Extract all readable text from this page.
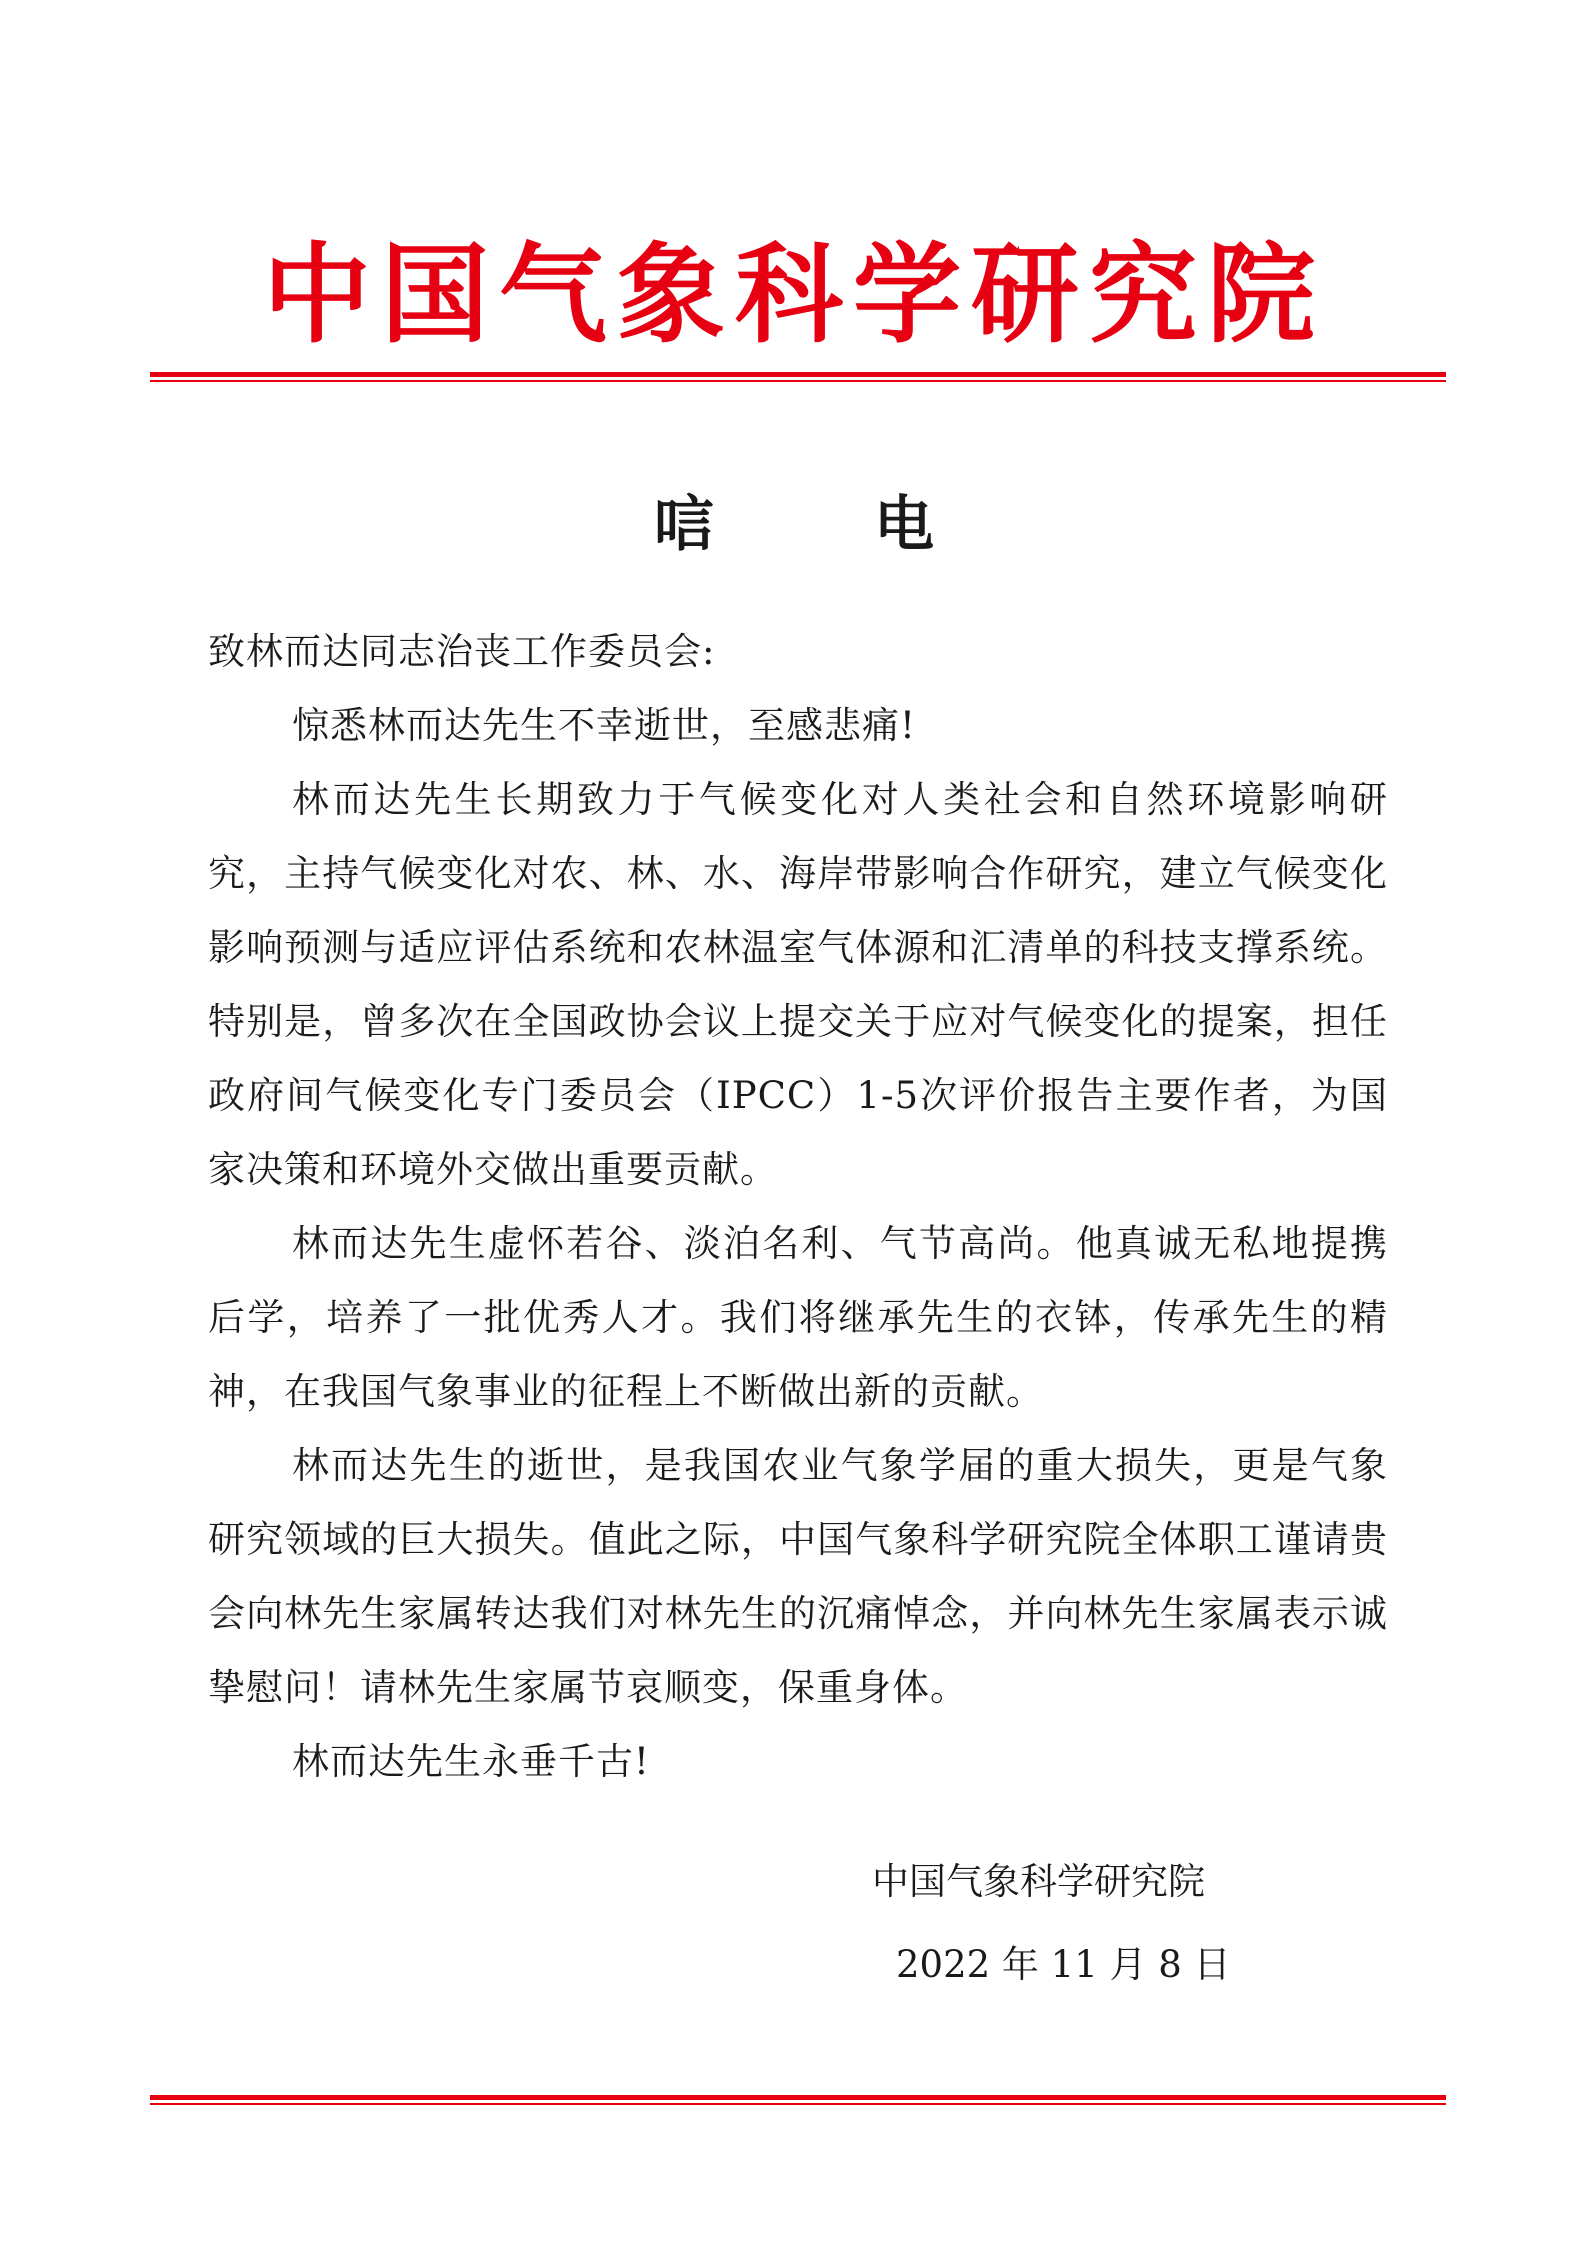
中国气象科学研究院
唁　电

致林而达同志治丧工作委员会:

惊悉林而达先生不幸逝世，至感悲痛!

林而达先生长期致力于气候变化对人类社会和自然环境影响研究，主持气候变化对农、林、水、海岸带影响合作研究，建立气候变化影响预测与适应评估系统和农林温室气体源和汇清单的科技支撑系统。特别是，曾多次在全国政协会议上提交关于应对气候变化的提案，担任政府间气候变化专门委员会（IPCC）1-5次评价报告主要作者，为国家决策和环境外交做出重要贡献。

林而达先生虚怀若谷、淡泊名利、气节高尚。他真诚无私地提携后学，培养了一批优秀人才。我们将继承先生的衣钵，传承先生的精神，在我国气象事业的征程上不断做出新的贡献。

林而达先生的逝世，是我国农业气象学届的重大损失，更是气象研究领域的巨大损失。值此之际，中国气象科学研究院全体职工谨请贵会向林先生家属转达我们对林先生的沉痛悼念，并向林先生家属表示诚挚慰问！请林先生家属节哀顺变，保重身体。

林而达先生永垂千古!

中国气象科学研究院
2022 年 11 月 8 日
